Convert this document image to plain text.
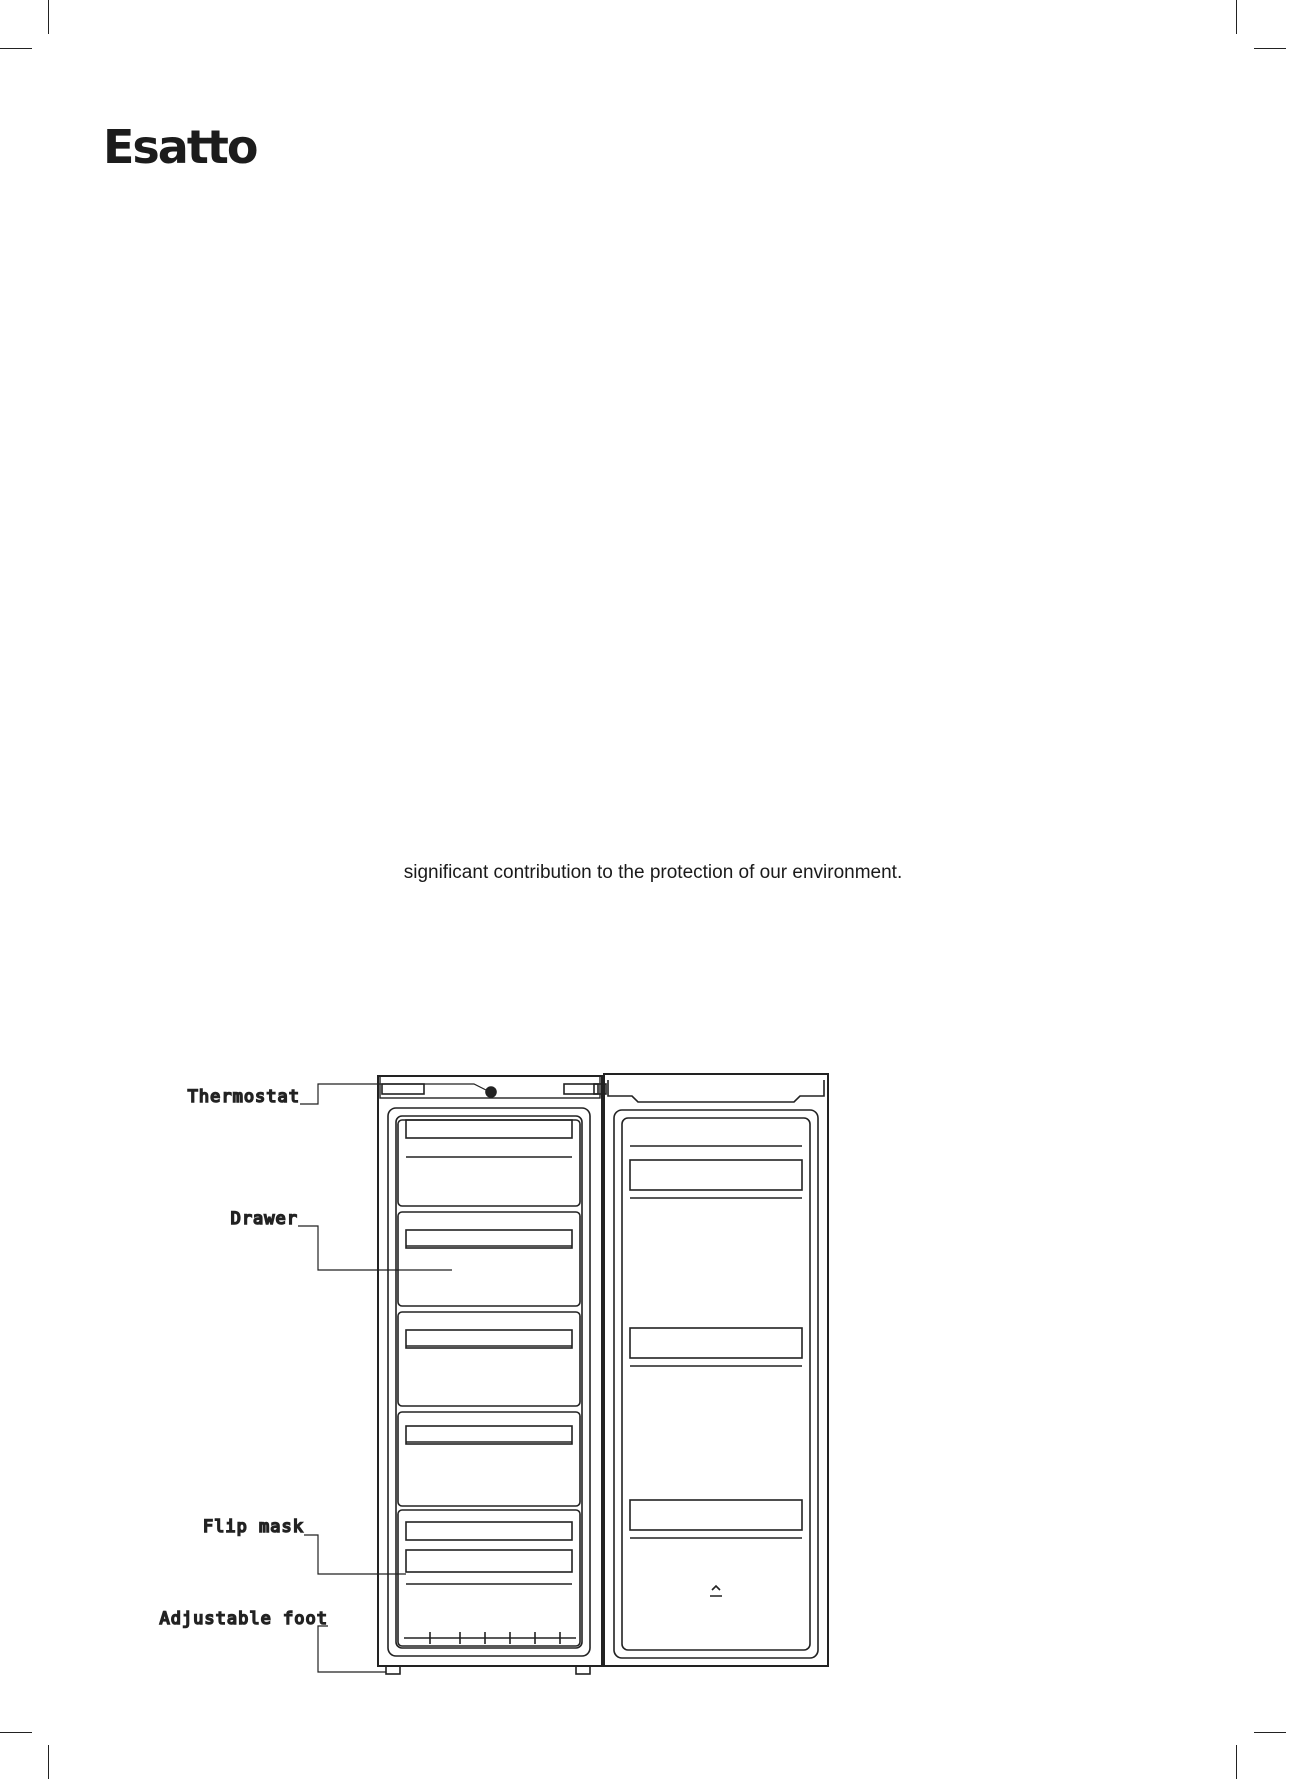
Esatto

significant contribution to the protection of our environment.

Thermostat
Drawer
Flip mask
Adjustable foot
